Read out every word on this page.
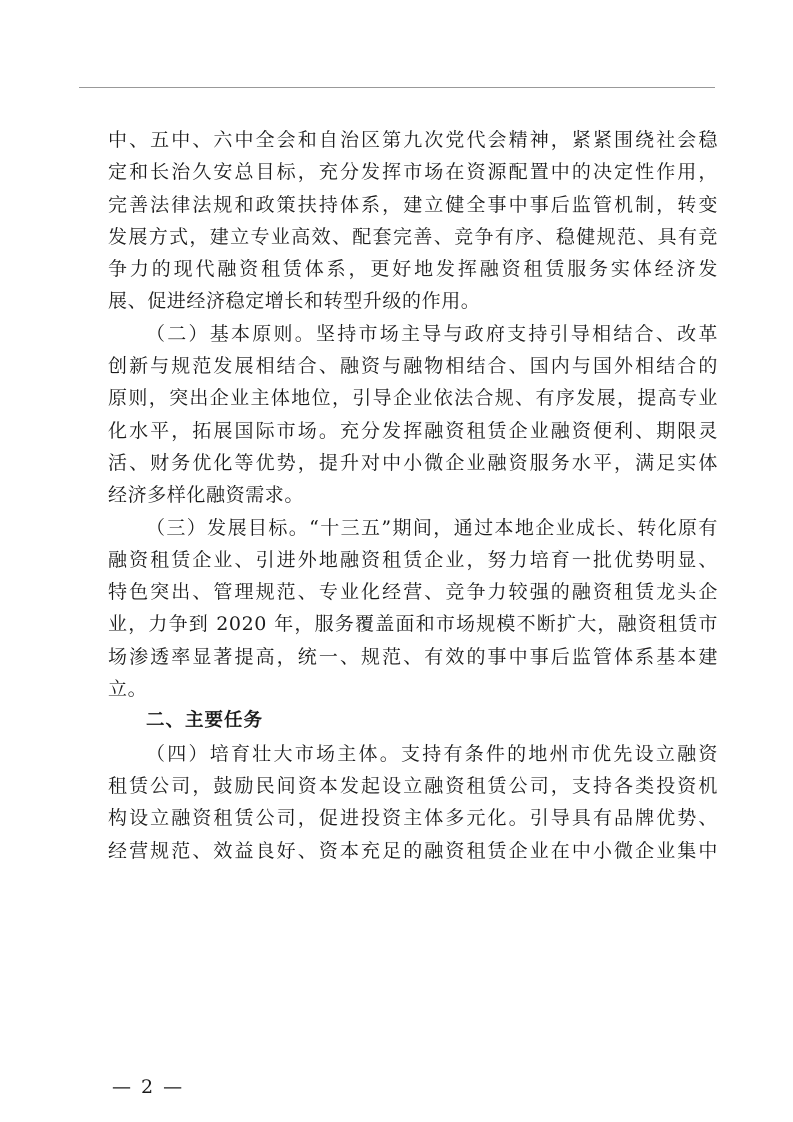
中、五中、六中全会和自治区第九次党代会精神，紧紧围绕社会稳
定和长治久安总目标，充分发挥市场在资源配置中的决定性作用，
完善法律法规和政策扶持体系，建立健全事中事后监管机制，转变
发展方式，建立专业高效、配套完善、竞争有序、稳健规范、具有竞
争力的现代融资租赁体系，更好地发挥融资租赁服务实体经济发
展、促进经济稳定增长和转型升级的作用。
（二）基本原则。坚持市场主导与政府支持引导相结合、改革
创新与规范发展相结合、融资与融物相结合、国内与国外相结合的
原则，突出企业主体地位，引导企业依法合规、有序发展，提高专业
化水平，拓展国际市场。充分发挥融资租赁企业融资便利、期限灵
活、财务优化等优势，提升对中小微企业融资服务水平，满足实体
经济多样化融资需求。
（三）发展目标。“十三五”期间，通过本地企业成长、转化原有
融资租赁企业、引进外地融资租赁企业，努力培育一批优势明显、
特色突出、管理规范、专业化经营、竞争力较强的融资租赁龙头企
业，力争到 2020 年，服务覆盖面和市场规模不断扩大，融资租赁市
场渗透率显著提高，统一、规范、有效的事中事后监管体系基本建
立。
二、主要任务
（四）培育壮大市场主体。支持有条件的地州市优先设立融资
租赁公司，鼓励民间资本发起设立融资租赁公司，支持各类投资机
构设立融资租赁公司，促进投资主体多元化。引导具有品牌优势、
经营规范、效益良好、资本充足的融资租赁企业在中小微企业集中
— 2 —
